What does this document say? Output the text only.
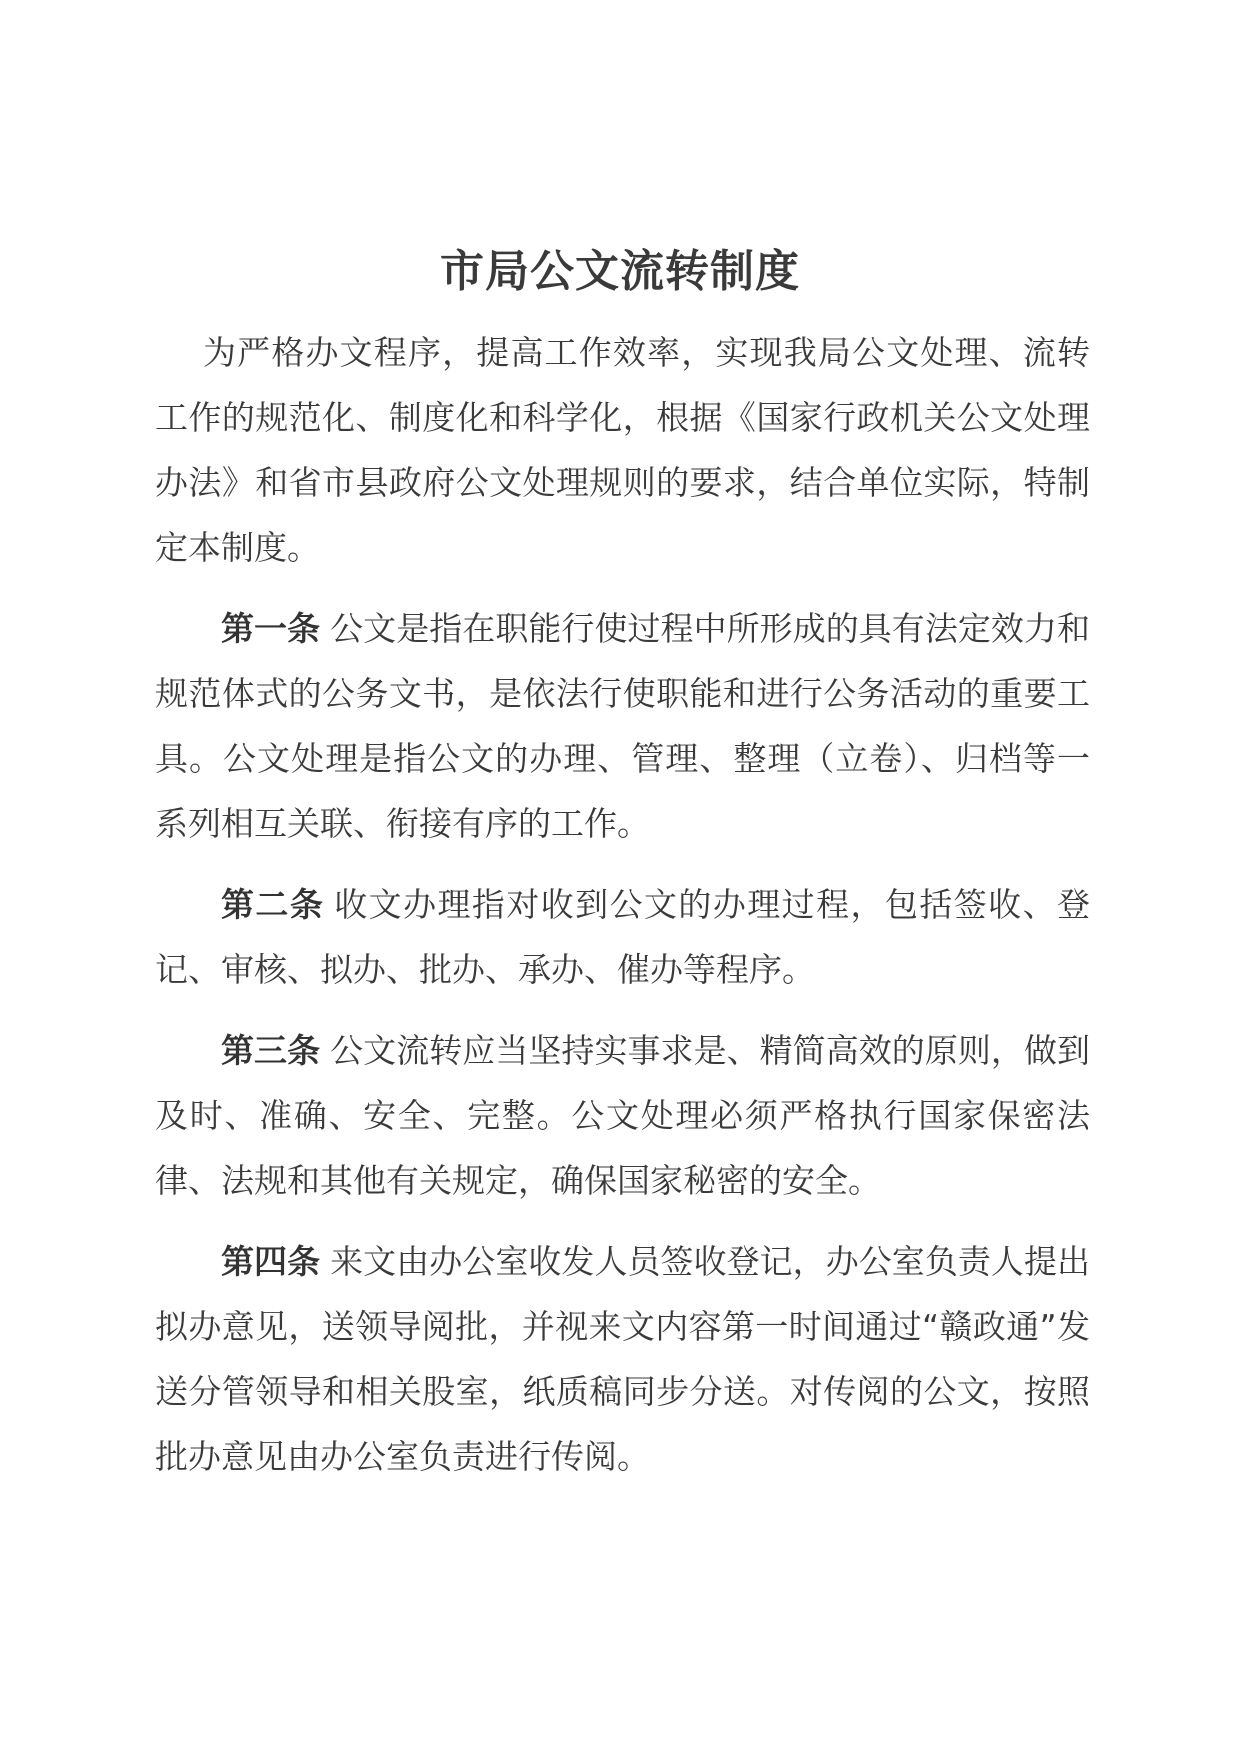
市局公文流转制度

为严格办文程序，提高工作效率，实现我局公文处理、流转工作的规范化、制度化和科学化，根据《国家行政机关公文处理办法》和省市县政府公文处理规则的要求，结合单位实际，特制定本制度。

第一条 公文是指在职能行使过程中所形成的具有法定效力和规范体式的公务文书，是依法行使职能和进行公务活动的重要工具。公文处理是指公文的办理、管理、整理（立卷）、归档等一系列相互关联、衔接有序的工作。

第二条 收文办理指对收到公文的办理过程，包括签收、登记、审核、拟办、批办、承办、催办等程序。

第三条 公文流转应当坚持实事求是、精简高效的原则，做到及时、准确、安全、完整。公文处理必须严格执行国家保密法律、法规和其他有关规定，确保国家秘密的安全。

第四条 来文由办公室收发人员签收登记，办公室负责人提出拟办意见，送领导阅批，并视来文内容第一时间通过“赣政通”发送分管领导和相关股室，纸质稿同步分送。对传阅的公文，按照批办意见由办公室负责进行传阅。
